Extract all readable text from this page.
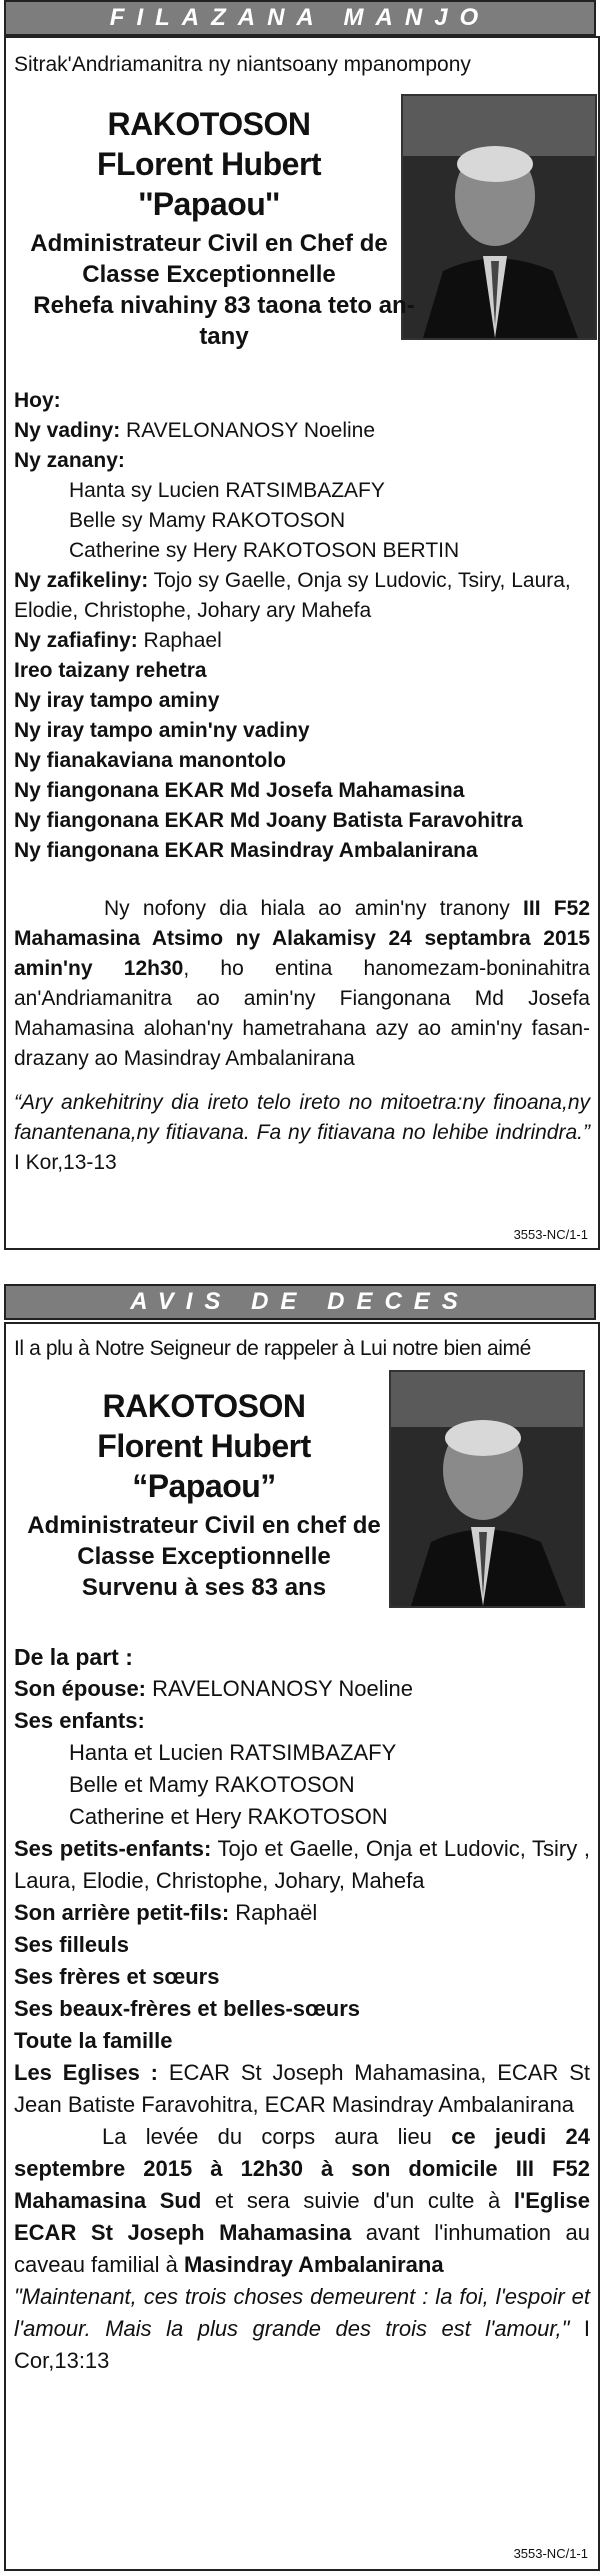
FILAZANA MANJO
Sitrak'Andriamanitra ny niantsoany mpanompony
RAKOTOSON
FLorent Hubert
''Papaou''
Administrateur Civil en Chef de
Classe Exceptionnelle
Rehefa nivahiny 83 taona teto an-tany
Hoy:
Ny vadiny: RAVELONANOSY Noeline
Ny zanany:
Hanta sy Lucien RATSIMBAZAFY
Belle sy Mamy RAKOTOSON
Catherine sy Hery RAKOTOSON BERTIN
Ny zafikeliny: Tojo sy Gaelle, Onja sy Ludovic, Tsiry, Laura, Elodie, Christophe, Johary ary Mahefa
Ny zafiafiny: Raphael
Ireo taizany rehetra
Ny iray tampo aminy
Ny iray tampo amin'ny vadiny
Ny fianakaviana manontolo
Ny fiangonana EKAR Md Josefa Mahamasina
Ny fiangonana EKAR Md Joany Batista Faravohitra
Ny fiangonana EKAR Masindray Ambalanirana
Ny nofony dia hiala ao amin'ny tranony III F52 Mahamasina Atsimo ny Alakamisy 24 septambra 2015 amin'ny 12h30, ho entina hanomezam-boninahitra an'Andriamanitra ao amin'ny Fiangonana Md Josefa Mahamasina alohan'ny hametrahana azy ao amin'ny fasan-drazany ao Masindray Ambalanirana
“Ary ankehitriny dia ireto telo ireto no mitoetra:ny finoana,ny fanantenana,ny fitiavana. Fa ny fitiavana no lehibe indrindra.” I Kor,13-13
3553-NC/1-1
AVIS DE DECES
Il a plu à Notre Seigneur de rappeler à Lui notre bien aimé
RAKOTOSON
Florent Hubert
“Papaou”
Administrateur Civil en chef de
Classe Exceptionnelle
Survenu à ses 83 ans
De la part :
Son épouse: RAVELONANOSY Noeline
Ses enfants:
Hanta et Lucien RATSIMBAZAFY
Belle et Mamy RAKOTOSON
Catherine et Hery RAKOTOSON
Ses petits-enfants: Tojo et Gaelle, Onja et Ludovic, Tsiry , Laura, Elodie, Christophe, Johary, Mahefa
Son arrière petit-fils: Raphaël
Ses filleuls
Ses frères et sœurs
Ses beaux-frères et belles-sœurs
Toute la famille
Les Eglises : ECAR St Joseph Mahamasina, ECAR St Jean Batiste Faravohitra, ECAR Masindray Ambalanirana
La levée du corps aura lieu ce jeudi 24 septembre 2015 à 12h30 à son domicile III F52 Mahamasina Sud et sera suivie d'un culte à l'Eglise ECAR St Joseph Mahamasina avant l'inhumation au caveau familial à Masindray Ambalanirana
"Maintenant, ces trois choses demeurent : la foi, l'espoir et l'amour. Mais la plus grande des trois est l'amour," I Cor,13:13
3553-NC/1-1
